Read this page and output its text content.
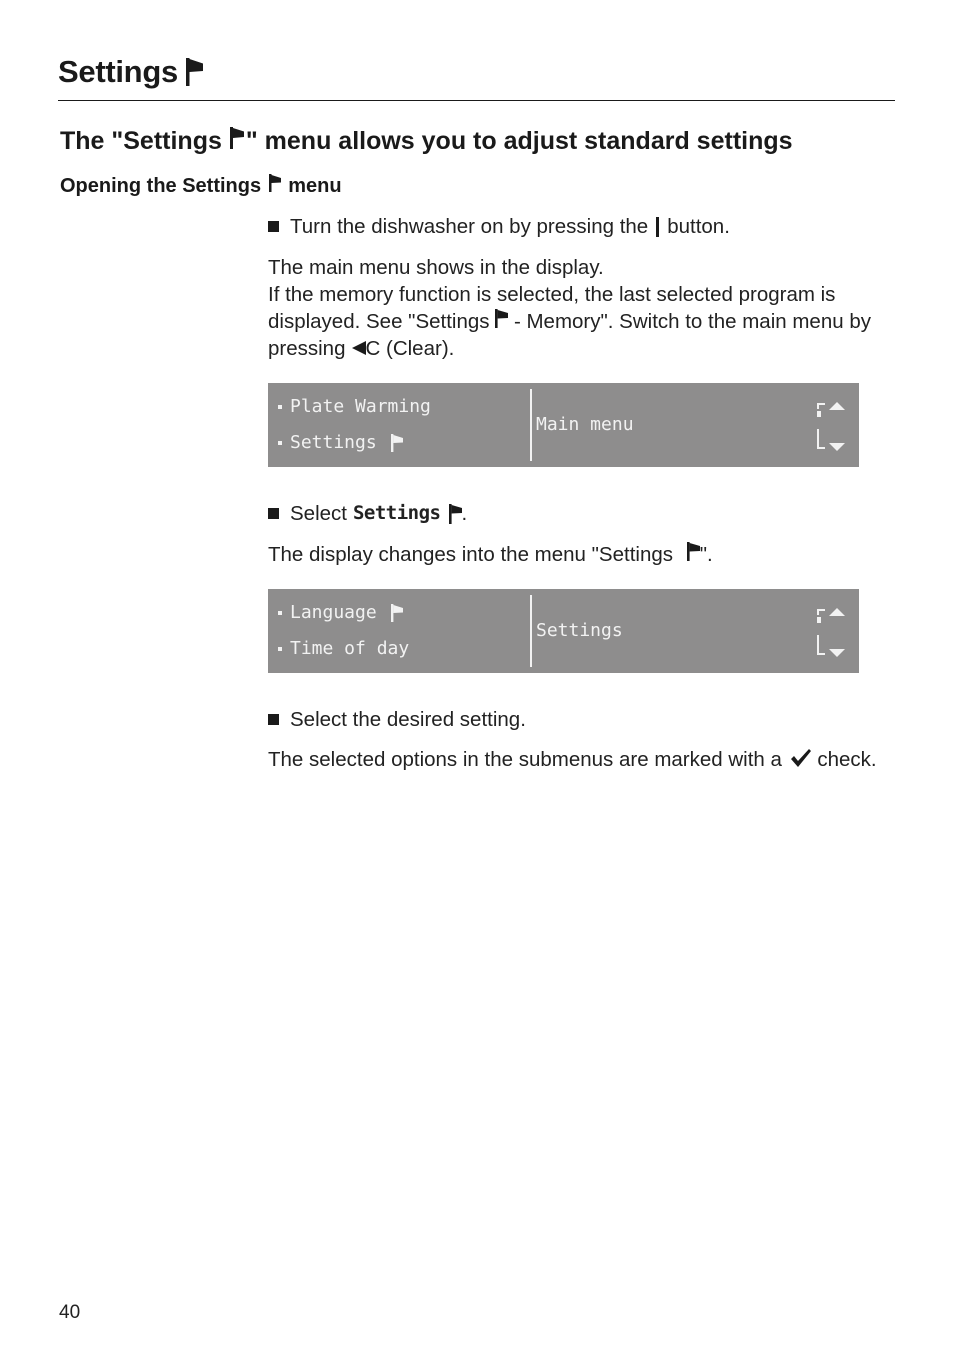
Settings
The "Settings " menu allows you to adjust standard settings
Opening the Settings menu

Turn the dishwasher on by pressing the button.

The main menu shows in the display.
If the memory function is selected, the last selected program is displayed. See "Settings - Memory". Switch to the main menu by pressing C (Clear).
Plate Warming
Settings
Main menu

Select Settings .

The display changes into the menu "Settings ".

Language
Time of day
Settings

Select the desired setting.

The selected options in the submenus are marked with a check.

40
